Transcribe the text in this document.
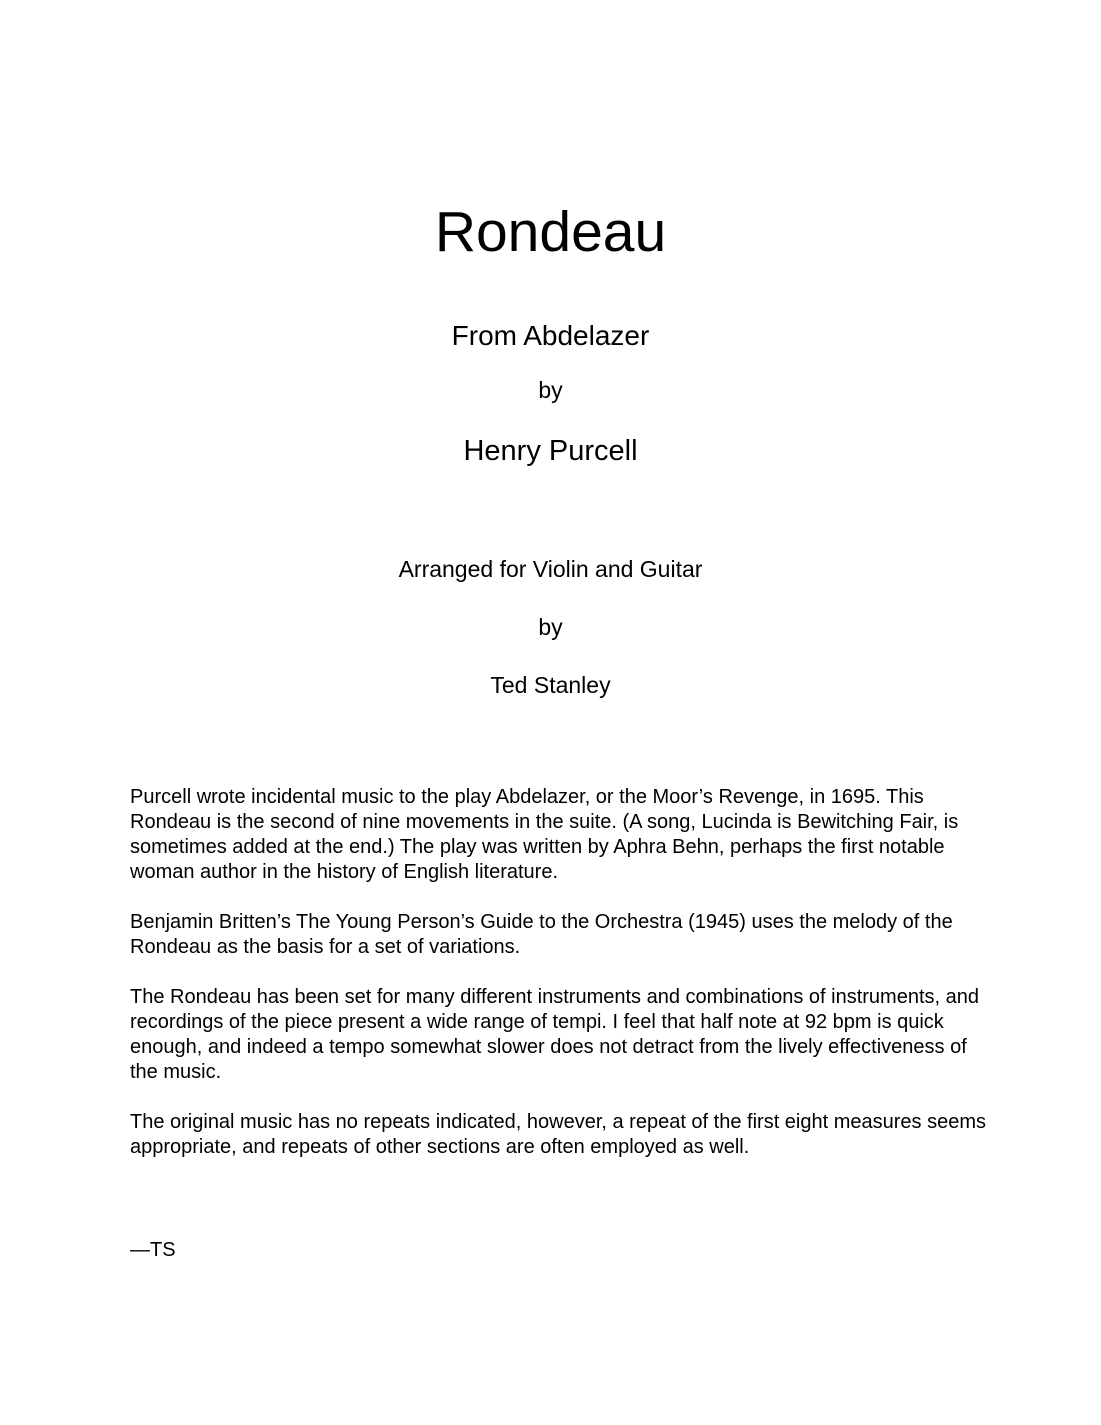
Rondeau
From Abdelazer
by
Henry Purcell
Arranged for Violin and Guitar
by
Ted Stanley

Purcell wrote incidental music to the play Abdelazer, or the Moor’s Revenge, in 1695. This Rondeau is the second of nine movements in the suite. (A song, Lucinda is Bewitching Fair, is sometimes added at the end.) The play was written by Aphra Behn, perhaps the first notable woman author in the history of English literature.

Benjamin Britten’s The Young Person’s Guide to the Orchestra (1945) uses the melody of the Rondeau as the basis for a set of variations.

The Rondeau has been set for many different instruments and combinations of instruments, and recordings of the piece present a wide range of tempi. I feel that half note at 92 bpm is quick enough, and indeed a tempo somewhat slower does not detract from the lively effectiveness of the music.

The original music has no repeats indicated, however, a repeat of the first eight measures seems appropriate, and repeats of other sections are often employed as well.

—TS
